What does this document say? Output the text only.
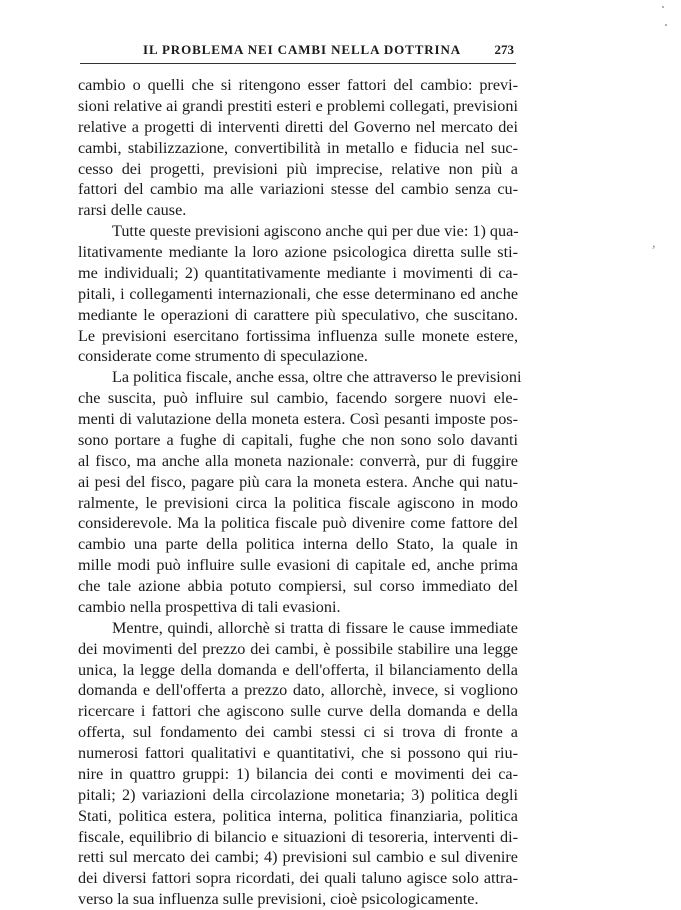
IL PROBLEMA NEI CAMBI NELLA DOTTRINA	273
cambio o quelli che si ritengono esser fattori del cambio: previ-
sioni relative ai grandi prestiti esteri e problemi collegati, previsioni
relative a progetti di interventi diretti del Governo nel mercato dei
cambi, stabilizzazione, convertibilità in metallo e fiducia nel suc-
cesso dei progetti, previsioni più imprecise, relative non più a
fattori del cambio ma alle variazioni stesse del cambio senza cu-
rarsi delle cause.
Tutte queste previsioni agiscono anche qui per due vie: 1) qua-
litativamente mediante la loro azione psicologica diretta sulle sti-
me individuali; 2) quantitativamente mediante i movimenti di ca-
pitali, i collegamenti internazionali, che esse determinano ed anche
mediante le operazioni di carattere più speculativo, che suscitano.
Le previsioni esercitano fortissima influenza sulle monete estere,
considerate come strumento di speculazione.
La politica fiscale, anche essa, oltre che attraverso le previsioni
che suscita, può influire sul cambio, facendo sorgere nuovi ele-
menti di valutazione della moneta estera. Così pesanti imposte pos-
sono portare a fughe di capitali, fughe che non sono solo davanti
al fisco, ma anche alla moneta nazionale: converrà, pur di fuggire
ai pesi del fisco, pagare più cara la moneta estera. Anche qui natu-
ralmente, le previsioni circa la politica fiscale agiscono in modo
considerevole. Ma la politica fiscale può divenire come fattore del
cambio una parte della politica interna dello Stato, la quale in
mille modi può influire sulle evasioni di capitale ed, anche prima
che tale azione abbia potuto compiersi, sul corso immediato del
cambio nella prospettiva di tali evasioni.
Mentre, quindi, allorchè si tratta di fissare le cause immediate
dei movimenti del prezzo dei cambi, è possibile stabilire una legge
unica, la legge della domanda e dell'offerta, il bilanciamento della
domanda e dell'offerta a prezzo dato, allorchè, invece, si vogliono
ricercare i fattori che agiscono sulle curve della domanda e della
offerta, sul fondamento dei cambi stessi ci si trova di fronte a
numerosi fattori qualitativi e quantitativi, che si possono qui riu-
nire in quattro gruppi: 1) bilancia dei conti e movimenti dei ca-
pitali; 2) variazioni della circolazione monetaria; 3) politica degli
Stati, politica estera, politica interna, politica finanziaria, politica
fiscale, equilibrio di bilancio e situazioni di tesoreria, interventi di-
retti sul mercato dei cambi; 4) previsioni sul cambio e sul divenire
dei diversi fattori sopra ricordati, dei quali taluno agisce solo attra-
verso la sua influenza sulle previsioni, cioè psicologicamente.
,
